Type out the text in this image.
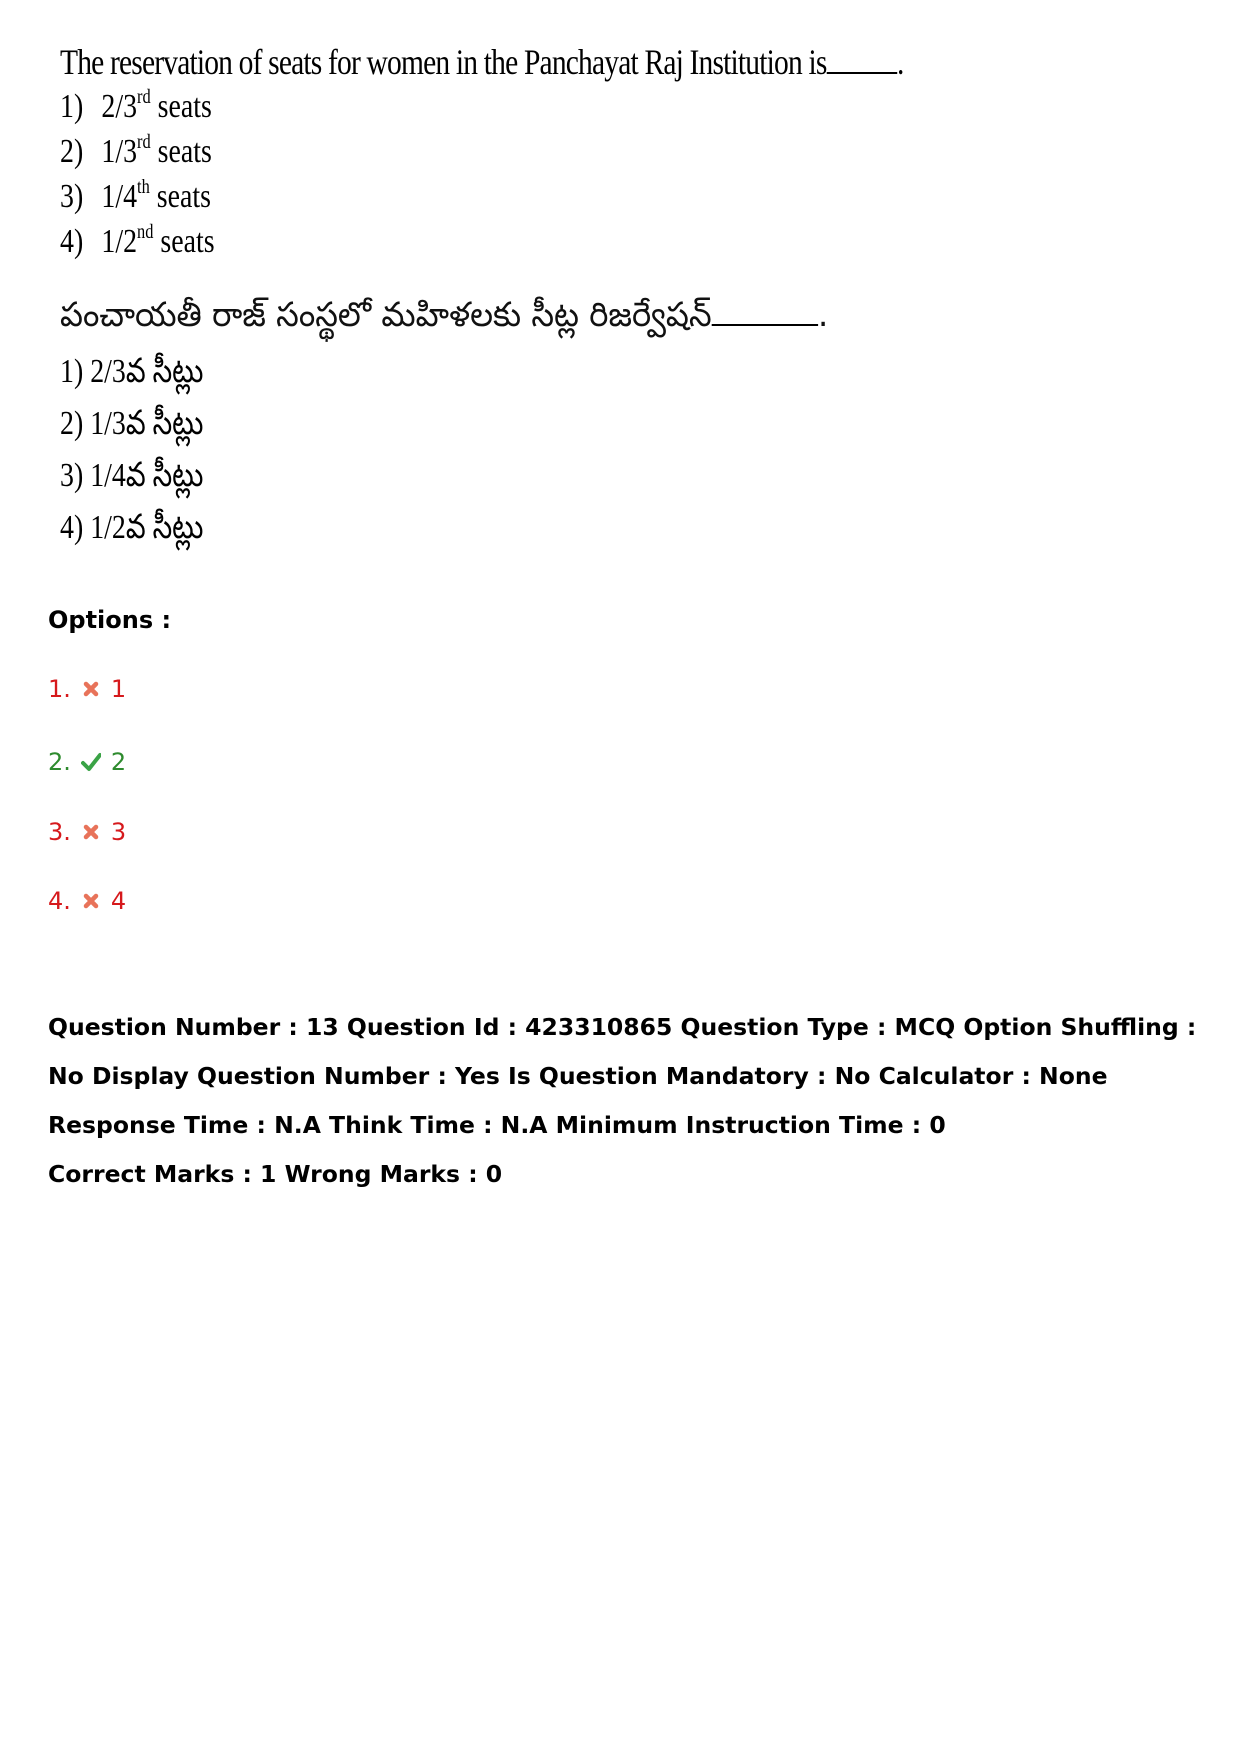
The reservation of seats for women in the Panchayat Raj Institution is .
1) 2/3rd seats
2) 1/3rd seats
3) 1/4th seats
4) 1/2nd seats
పంచాయతీ రాజ్ సంస్థలో మహిళలకు సీట్ల రిజర్వేషన్	.
1) 2/3వ సీట్లు
2) 1/3వ సీట్లు
3) 1/4వ సీట్లు
4) 1/2వ సీట్లు
Options :
1. 1
2. 2
3. 3
4. 4
Question Number : 13 Question Id : 423310865 Question Type : MCQ Option Shuffling : No Display Question Number : Yes Is Question Mandatory : No Calculator : None Response Time : N.A Think Time : N.A Minimum Instruction Time : 0
Correct Marks : 1 Wrong Marks : 0
